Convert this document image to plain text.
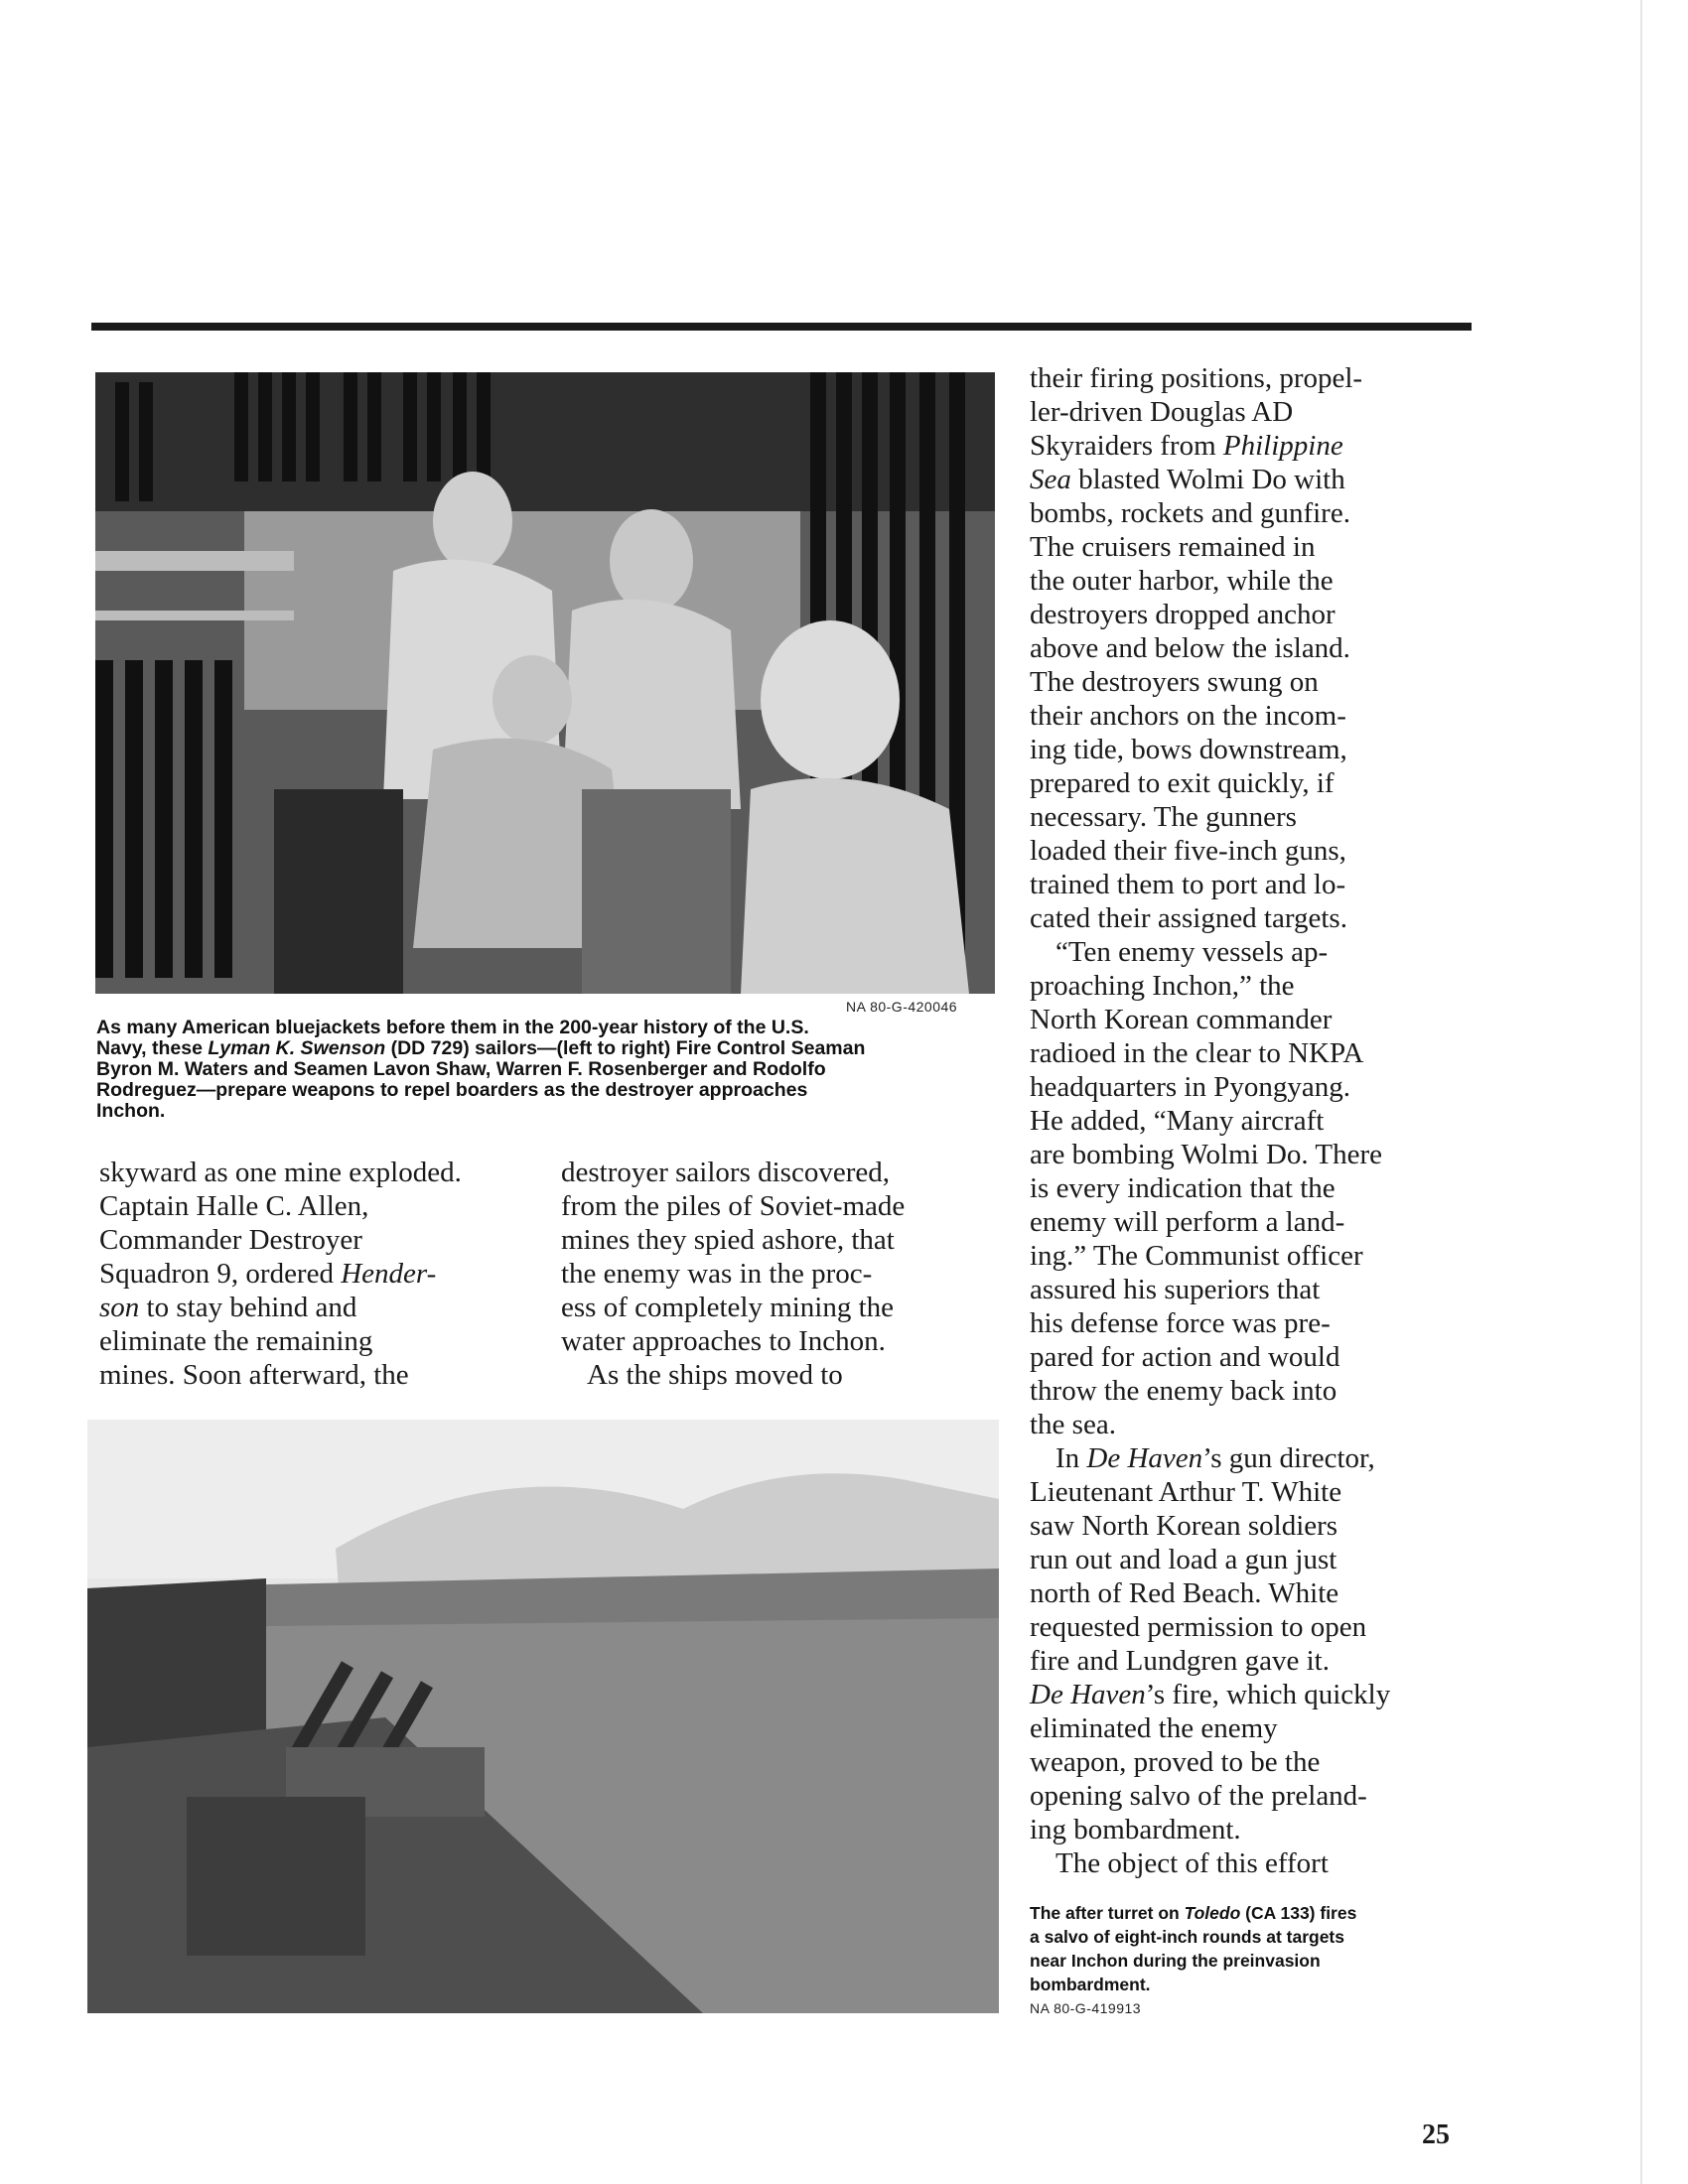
NA 80-G-420046
As many American bluejackets before them in the 200-year history of the U.S.
Navy, these Lyman K. Swenson (DD 729) sailors—(left to right) Fire Control Seaman
Byron M. Waters and Seamen Lavon Shaw, Warren F. Rosenberger and Rodolfo
Rodreguez—prepare weapons to repel boarders as the destroyer approaches
Inchon.

skyward as one mine exploded.

Captain Halle C. Allen,

Commander Destroyer

Squadron 9, ordered Hender-

son to stay behind and

eliminate the remaining

mines. Soon afterward, the

destroyer sailors discovered,

from the piles of Soviet-made

mines they spied ashore, that

the enemy was in the proc-

ess of completely mining the

water approaches to Inchon.

As the ships moved to

their firing positions, propel-

ler-driven Douglas AD

Skyraiders from Philippine

Sea blasted Wolmi Do with

bombs, rockets and gunfire.

The cruisers remained in

the outer harbor, while the

destroyers dropped anchor

above and below the island.

The destroyers swung on

their anchors on the incom-

ing tide, bows downstream,

prepared to exit quickly, if

necessary. The gunners

loaded their five-inch guns,

trained them to port and lo-

cated their assigned targets.

“Ten enemy vessels ap-

proaching Inchon,” the

North Korean commander

radioed in the clear to NKPA

headquarters in Pyongyang.

He added, “Many aircraft

are bombing Wolmi Do. There

is every indication that the

enemy will perform a land-

ing.” The Communist officer

assured his superiors that

his defense force was pre-

pared for action and would

throw the enemy back into

the sea.

In De Haven’s gun director,

Lieutenant Arthur T. White

saw North Korean soldiers

run out and load a gun just

north of Red Beach. White

requested permission to open

fire and Lundgren gave it.

De Haven’s fire, which quickly

eliminated the enemy

weapon, proved to be the

opening salvo of the preland-

ing bombardment.

The object of this effort

The after turret on Toledo (CA 133) fires
a salvo of eight-inch rounds at targets
near Inchon during the preinvasion
bombardment.
NA 80-G-419913
25
